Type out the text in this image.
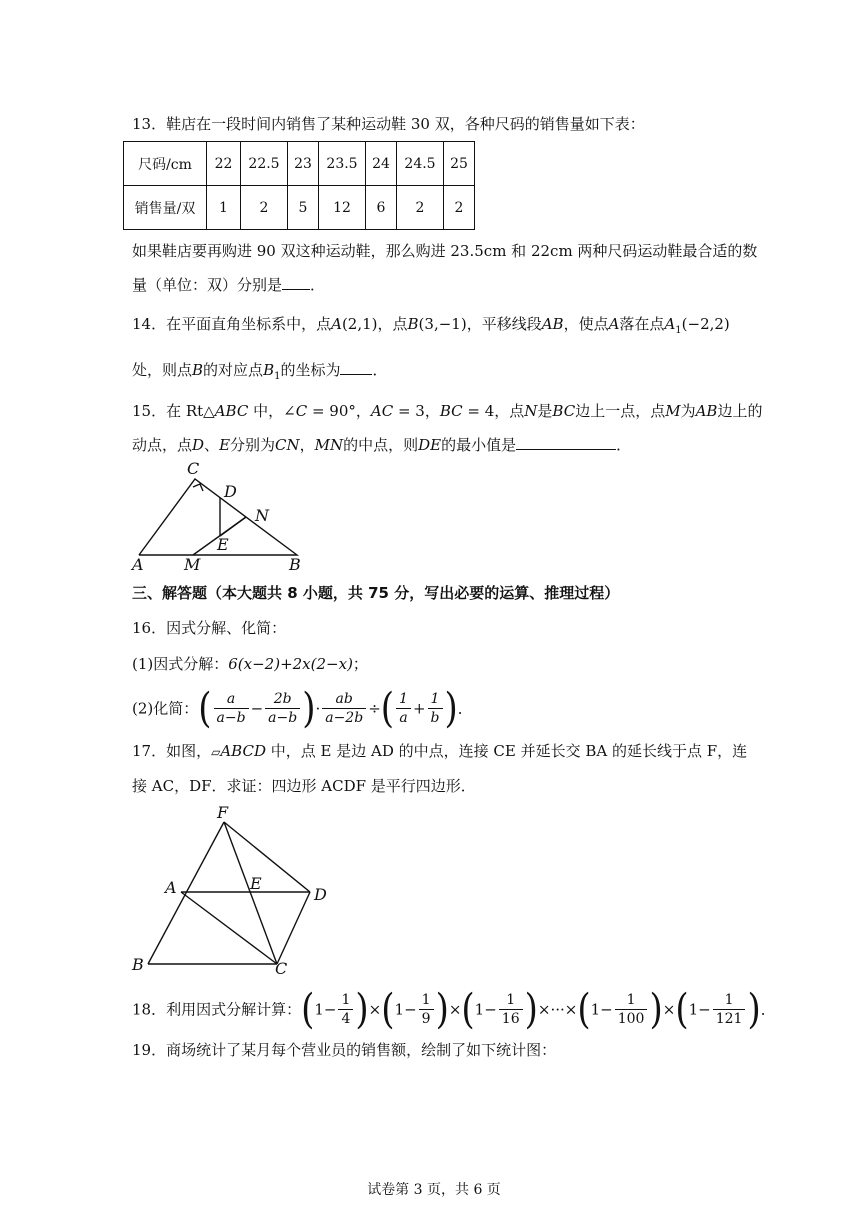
13．鞋店在一段时间内销售了某种运动鞋 30 双，各种尺码的销售量如下表：
尺码/cm	22	22.5	23	23.5	24	24.5	25
销售量/双	1	2	5	12	6	2	2
如果鞋店要再购进 90 双这种运动鞋，那么购进 23.5cm 和 22cm 两种尺码运动鞋最合适的数
量（单位：双）分别是 ．
14．在平面直角坐标系中，点A(2,1)，点B(3,−1)，平移线段AB，使点A落在点$A_1(-2,2)$
处，则点B的对应点$B_1$的坐标为 ．
15．在 Rt△ABC 中，∠C = 90°，AC = 3，BC = 4，点N是BC边上一点，点M为AB边上的
动点，点D、E分别为CN，MN的中点，则DE的最小值是	．
C
D
N
E
A	M	B
三、解答题（本大题共 8 小题，共 75 分，写出必要的运算、推理过程）
16．因式分解、化简：
(1)因式分解：6(x−2)+2x(2−x)；
(2)化简：( $\frac{a}{a-b} - \frac{2b}{a-b}$ )· $\frac{ab}{a-2b}$ ÷( $\frac{1}{a} + \frac{1}{b}$ )．
17．如图，▱ABCD 中，点 E 是边 AD 的中点，连接 CE 并延长交 BA 的延长线于点 F，连
接 AC，DF．求证：四边形 ACDF 是平行四边形．
F
A	E
D
B	C
18．利用因式分解计算：$(1- \frac{1}{4} )\times(1- \frac{1}{9} )\times(1- \frac{1}{16} )\times\cdot\cdot\cdot\times(1- \frac{1}{100} )\times(1- \frac{1}{121}$ )．
19．商场统计了某月每个营业员的销售额，绘制了如下统计图：
试卷第 3 页，共 6 页
